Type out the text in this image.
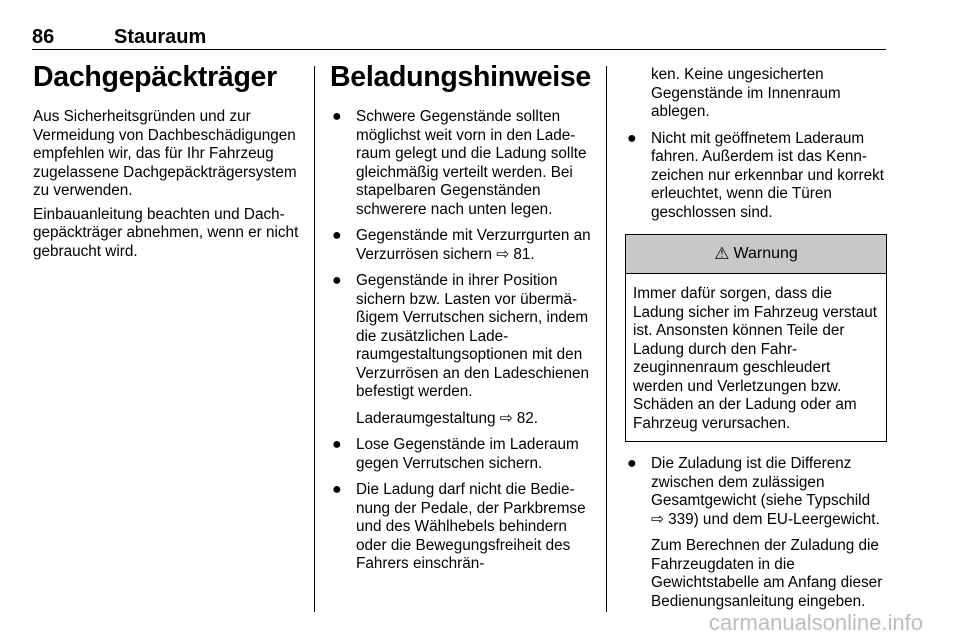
86	Stauraum
Dachgepäckträger

Aus Sicherheitsgründen und zur Vermeidung von Dachbeschädigungen empfehlen wir, das für Ihr Fahrzeug zugelassene Dachgepäckträgersystem zu verwenden.

Einbauanleitung beachten und Dachgepäckträger abnehmen, wenn er nicht gebraucht wird.

Beladungshinweise
● Schwere Gegenstände sollten möglichst weit vorn in den Laderaum gelegt und die Ladung sollte gleichmäßig verteilt werden. Bei stapelbaren Gegenständen schwerere nach unten legen.
● Gegenstände mit Verzurrgurten an Verzurrösen sichern ⇨ 81.
● Gegenstände in ihrer Position sichern bzw. Lasten vor übermäßigem Verrutschen sichern, indem die zusätzlichen Laderaumgestaltungsoptionen mit den Verzurrösen an den Ladeschienen befestigt werden.

Laderaumgestaltung ⇨ 82.

● Lose Gegenstände im Laderaum gegen Verrutschen sichern.
● Die Ladung darf nicht die Bedienung der Pedale, der Parkbremse und des Wählhebels behindern oder die Bewegungsfreiheit des Fahrers einschrän-

ken. Keine ungesicherten Gegenstände im Innenraum ablegen.

● Nicht mit geöffnetem Laderaum fahren. Außerdem ist das Kennzeichen nur erkennbar und korrekt erleuchtet, wenn die Türen geschlossen sind.
⚠ Warnung
Immer dafür sorgen, dass die Ladung sicher im Fahrzeug verstaut ist. Ansonsten können Teile der Ladung durch den Fahrzeuginnenraum geschleudert werden und Verletzungen bzw. Schäden an der Ladung oder am Fahrzeug verursachen.
● Die Zuladung ist die Differenz zwischen dem zulässigen Gesamtgewicht (siehe Typschild ⇨ 339) und dem EU-Leergewicht.

Zum Berechnen der Zuladung die Fahrzeugdaten in die Gewichtstabelle am Anfang dieser Bedienungsanleitung eingeben.

carmanualsonline.info
